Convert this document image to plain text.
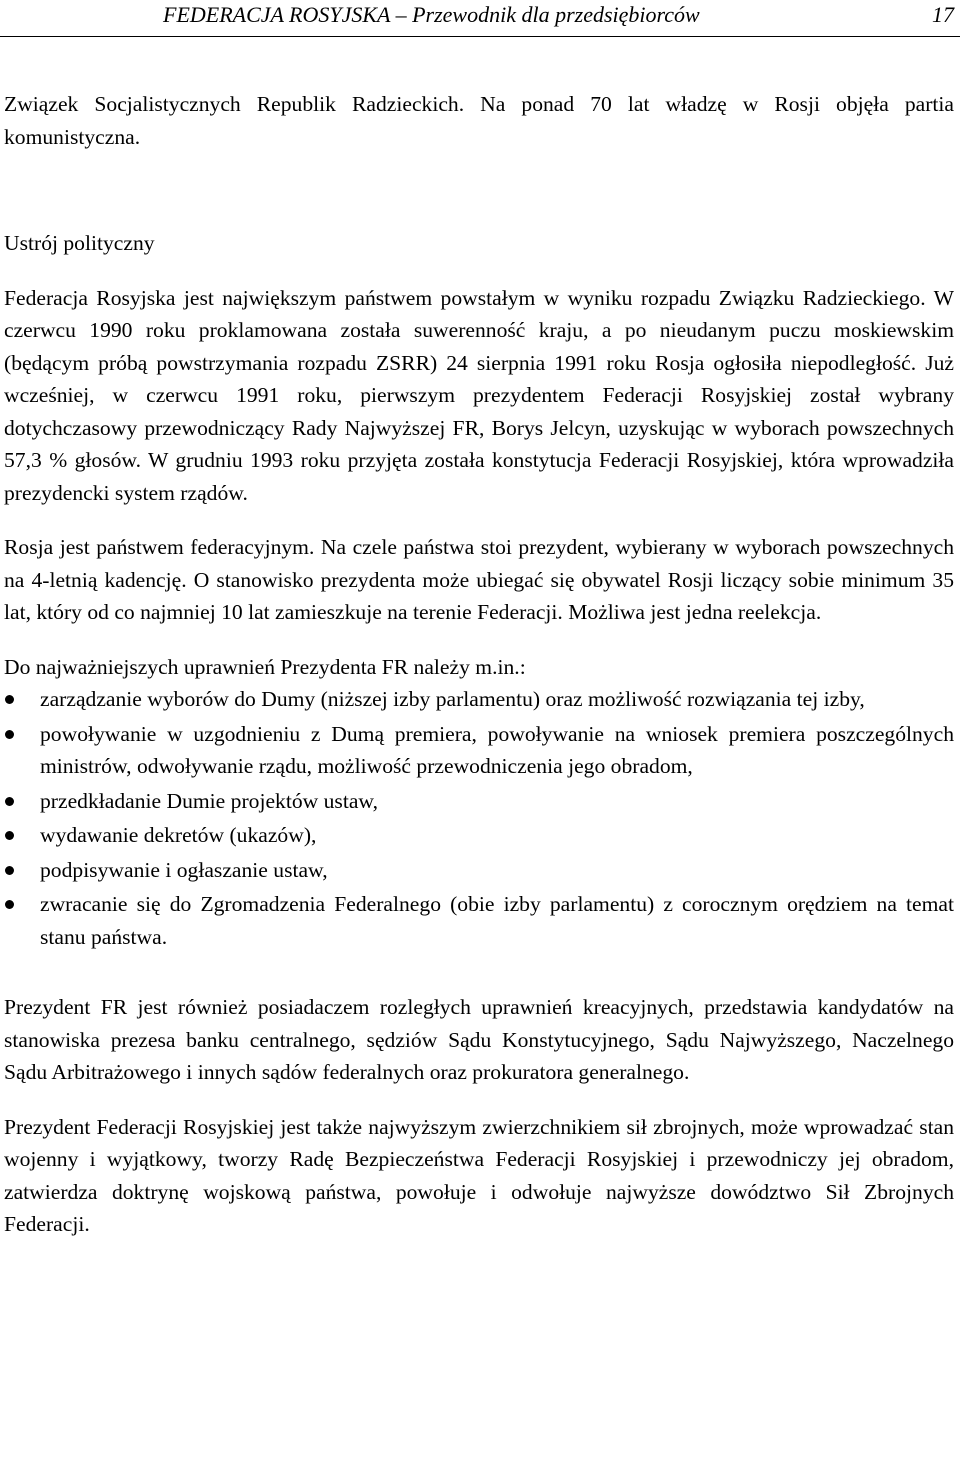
FEDERACJA ROSYJSKA – Przewodnik dla przedsiębiorców	17

Związek Socjalistycznych Republik Radzieckich. Na ponad 70 lat władzę w Rosji objęła partia komunistyczna.

Ustrój polityczny

Federacja Rosyjska jest największym państwem powstałym w wyniku rozpadu Związku Radzieckiego. W czerwcu 1990 roku proklamowana została suwerenność kraju, a po nieudanym puczu moskiewskim (będącym próbą powstrzymania rozpadu ZSRR) 24 sierpnia 1991 roku Rosja ogłosiła niepodległość. Już wcześniej, w czerwcu 1991 roku, pierwszym prezydentem Federacji Rosyjskiej został wybrany dotychczasowy przewodniczący Rady Najwyższej FR, Borys Jelcyn, uzyskując w wyborach powszechnych 57,3 % głosów. W grudniu 1993 roku przyjęta została konstytucja Federacji Rosyjskiej, która wprowadziła prezydencki system rządów.

Rosja jest państwem federacyjnym. Na czele państwa stoi prezydent, wybierany w wyborach powszechnych na 4-letnią kadencję. O stanowisko prezydenta może ubiegać się obywatel Rosji liczący sobie minimum 35 lat, który od co najmniej 10 lat zamieszkuje na terenie Federacji. Możliwa jest jedna reelekcja.

Do najważniejszych uprawnień Prezydenta FR należy m.in.:

zarządzanie wyborów do Dumy (niższej izby parlamentu) oraz możliwość rozwiązania tej izby,
powoływanie w uzgodnieniu z Dumą premiera, powoływanie na wniosek premiera poszczególnych ministrów, odwoływanie rządu, możliwość przewodniczenia jego obradom,
przedkładanie Dumie projektów ustaw,
wydawanie dekretów (ukazów),
podpisywanie i ogłaszanie ustaw,
zwracanie się do Zgromadzenia Federalnego (obie izby parlamentu) z corocznym orędziem na temat stanu państwa.

Prezydent FR jest również posiadaczem rozległych uprawnień kreacyjnych, przedstawia kandydatów na stanowiska prezesa banku centralnego, sędziów Sądu Konstytucyjnego, Sądu Najwyższego, Naczelnego Sądu Arbitrażowego i innych sądów federalnych oraz prokuratora generalnego.

Prezydent Federacji Rosyjskiej jest także najwyższym zwierzchnikiem sił zbrojnych, może wprowadzać stan wojenny i wyjątkowy, tworzy Radę Bezpieczeństwa Federacji Rosyjskiej i przewodniczy jej obradom, zatwierdza doktrynę wojskową państwa, powołuje i odwołuje najwyższe dowództwo Sił Zbrojnych Federacji.
